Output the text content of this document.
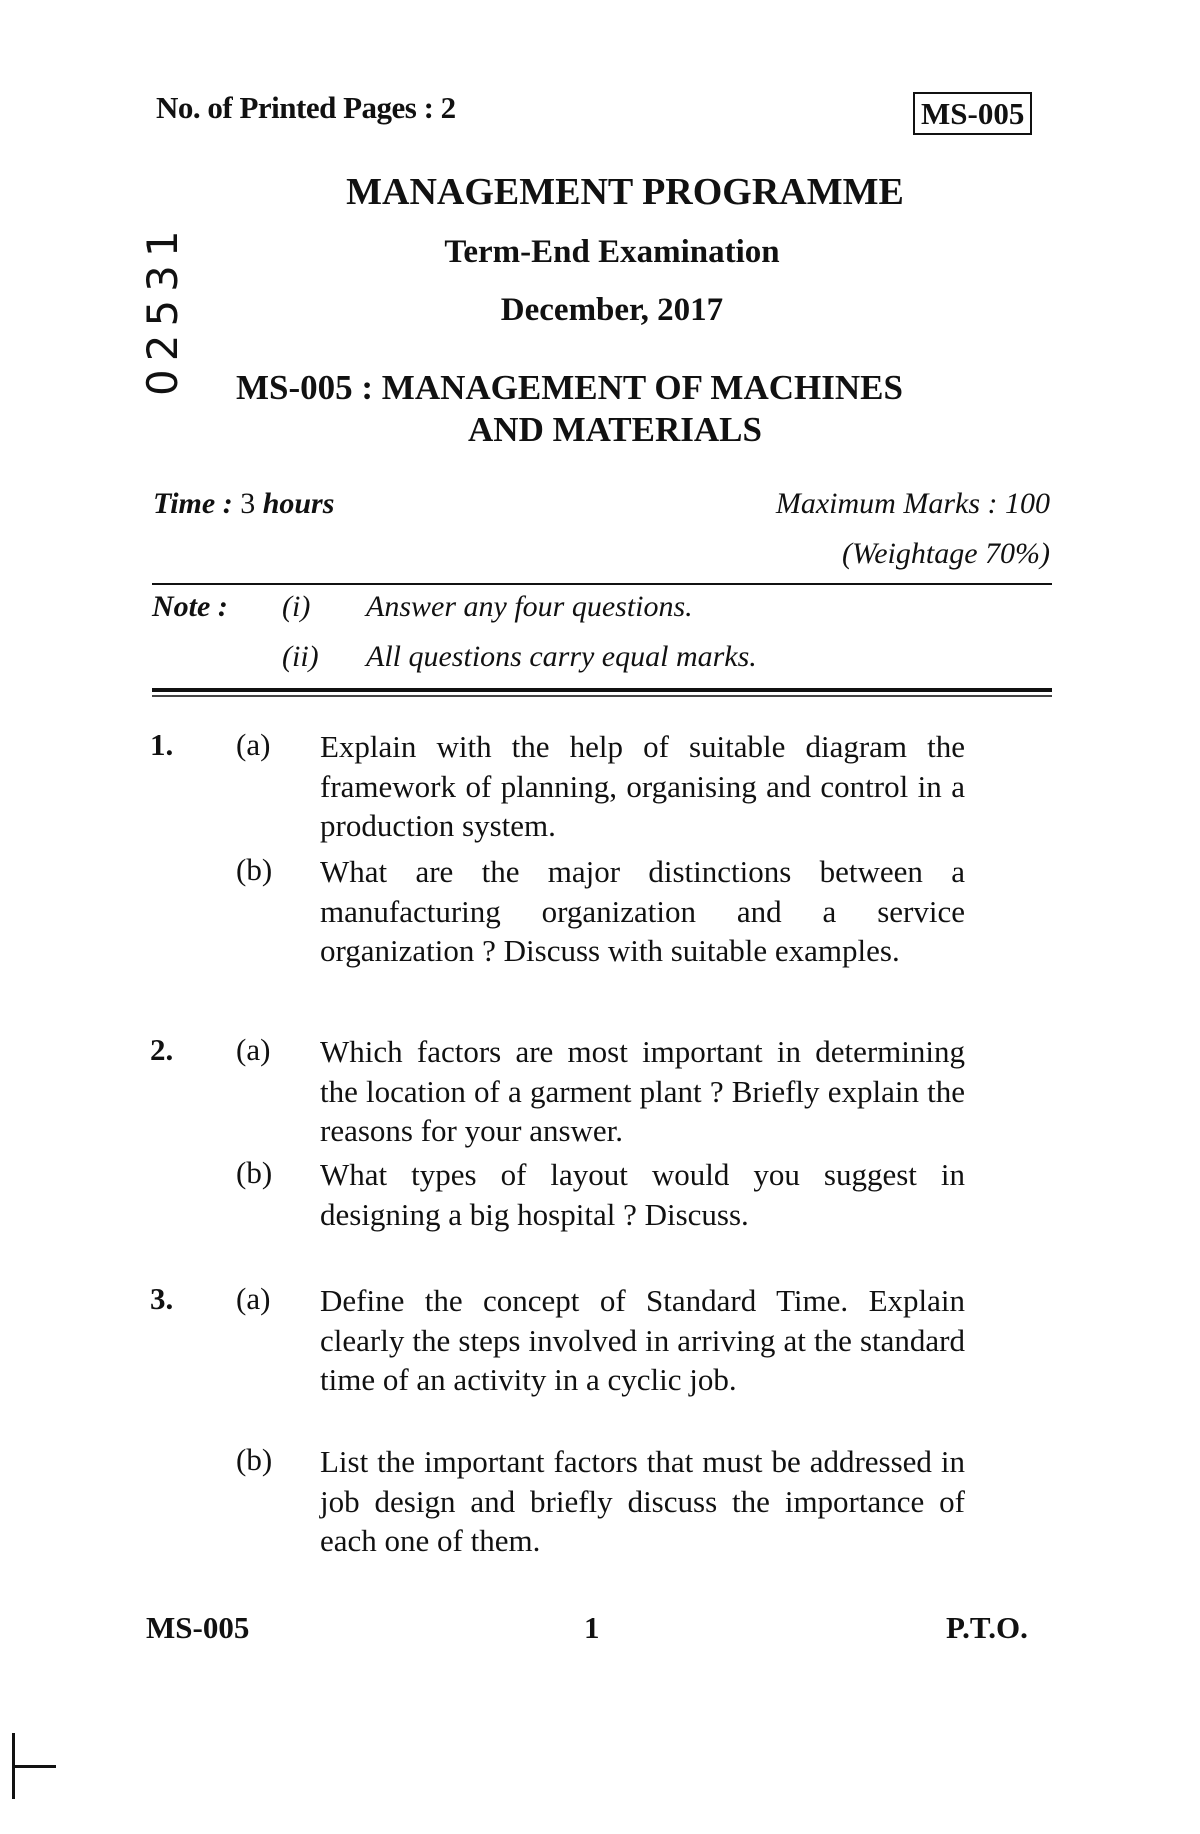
No. of Printed Pages : 2	MS-005
02531
MANAGEMENT PROGRAMME
Term-End Examination
December, 2017
MS-005 : MANAGEMENT OF MACHINES
AND MATERIALS
Time : 3 hours	Maximum Marks : 100
(Weightage 70%)
Note : (i) Answer any four questions.
(ii) All questions carry equal marks.
1. (a) Explain with the help of suitable diagram the framework of planning, organising and control in a production system.
(b) What are the major distinctions between a manufacturing organization and a service organization ? Discuss with suitable examples.
2. (a) Which factors are most important in determining the location of a garment plant ? Briefly explain the reasons for your answer.
(b) What types of layout would you suggest in designing a big hospital ? Discuss.
3. (a) Define the concept of Standard Time. Explain clearly the steps involved in arriving at the standard time of an activity in a cyclic job.
(b) List the important factors that must be addressed in job design and briefly discuss the importance of each one of them.
MS-005	1	P.T.O.
